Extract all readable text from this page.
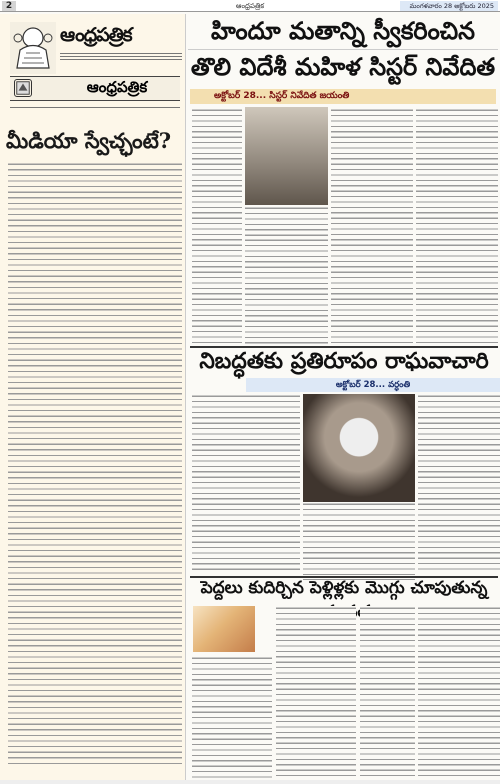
2	ఆంధ్రపత్రిక	మంగళవారం 28 అక్టోబరు 2025
ఆంధ్రపత్రిక
ఆంధ్రపత్రిక
మీడియా స్వేచ్ఛంటే?
హిందూ మతాన్ని స్వీకరించిన
తొలి విదేశీ మహిళ సిస్టర్ నివేదిత
అక్టోబర్ 28... సిస్టర్ నివేదిత జయంతి
నిబద్ధతకు ప్రతిరూపం రాఘవాచారి
అక్టోబర్ 28... వర్ధంతి
పెద్దలు కుదిర్చిన పెళ్లిళ్లకు మొగ్గు చూపుతున్న
